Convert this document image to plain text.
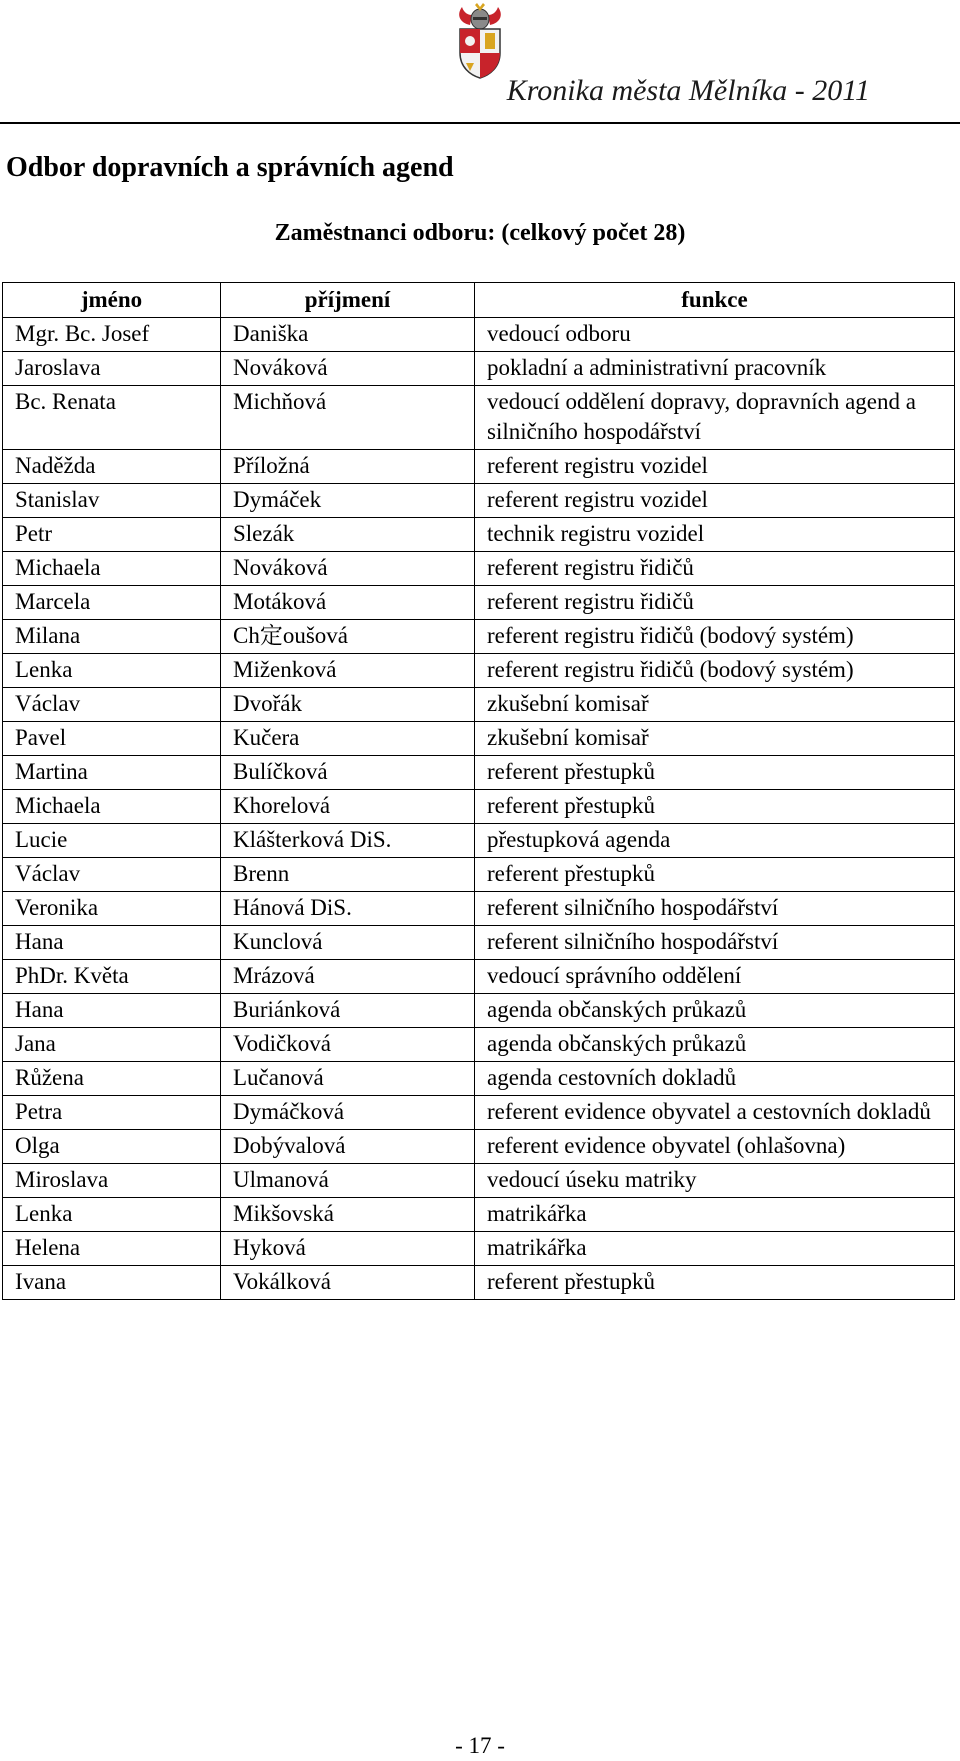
Kronika města Mělníka - 2011
Odbor dopravních a správních agend
Zaměstnanci odboru: (celkový počet 28)
jméno	příjmení	funkce
Mgr. Bc. Josef	Daniška	vedoucí odboru
Jaroslava	Nováková	pokladní a administrativní pracovník
Bc. Renata	Michňová	vedoucí oddělení dopravy, dopravních agend a silničního hospodářství
Naděžda	Příložná	referent registru vozidel
Stanislav	Dymáček	referent registru vozidel
Petr	Slezák	technik registru vozidel
Michaela	Nováková	referent registru řidičů
Marcela	Motáková	referent registru řidičů
Milana	Ch定oušová	referent registru řidičů (bodový systém)
Lenka	Miženková	referent registru řidičů (bodový systém)
Václav	Dvořák	zkušební komisař
Pavel	Kučera	zkušební komisař
Martina	Bulíčková	referent přestupků
Michaela	Khorelová	referent přestupků
Lucie	Klášterková DiS.	přestupková agenda
Václav	Brenn	referent přestupků
Veronika	Hánová DiS.	referent silničního hospodářství
Hana	Kunclová	referent silničního hospodářství
PhDr. Květa	Mrázová	vedoucí správního oddělení
Hana	Buriánková	agenda občanských průkazů
Jana	Vodičková	agenda občanských průkazů
Růžena	Lučanová	agenda cestovních dokladů
Petra	Dymáčková	referent evidence obyvatel a cestovních dokladů
Olga	Dobývalová	referent evidence obyvatel (ohlašovna)
Miroslava	Ulmanová	vedoucí úseku matriky
Lenka	Mikšovská	matrikářka
Helena	Hyková	matrikářka
Ivana	Vokálková	referent přestupků
- 17 -
